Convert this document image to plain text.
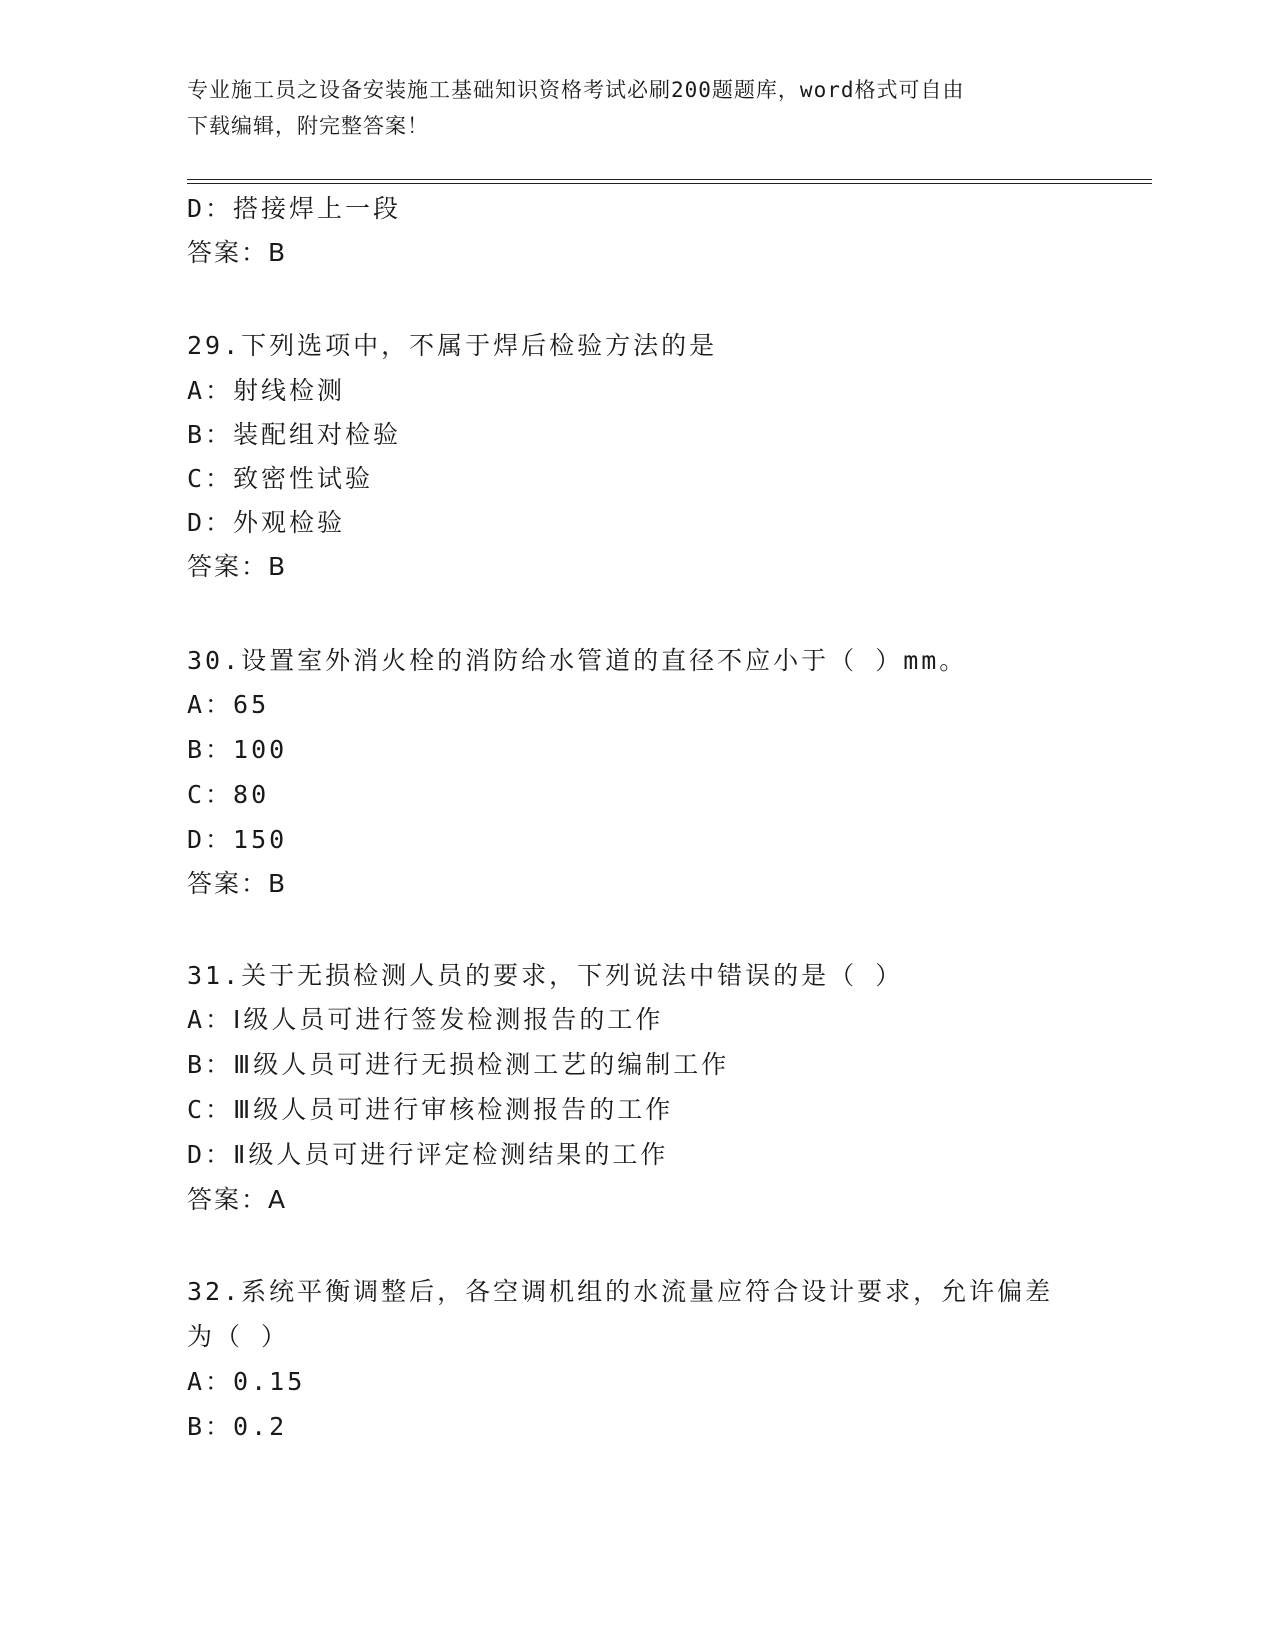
专业施工员之设备安装施工基础知识资格考试必刷200题题库，word格式可自由
下载编辑，附完整答案！
D：搭接焊上一段
答案：B
29.下列选项中，不属于焊后检验方法的是
A：射线检测
B：装配组对检验
C：致密性试验
D：外观检验
答案：B
30.设置室外消火栓的消防给水管道的直径不应小于（ ）mm。
A：65
B：100
C：80
D：150
答案：B
31.关于无损检测人员的要求，下列说法中错误的是（ ）
A：Ⅰ级人员可进行签发检测报告的工作
B：Ⅲ级人员可进行无损检测工艺的编制工作
C：Ⅲ级人员可进行审核检测报告的工作
D：Ⅱ级人员可进行评定检测结果的工作
答案：A
32.系统平衡调整后，各空调机组的水流量应符合设计要求，允许偏差
为（ ）
A：0.15
B：0.2
